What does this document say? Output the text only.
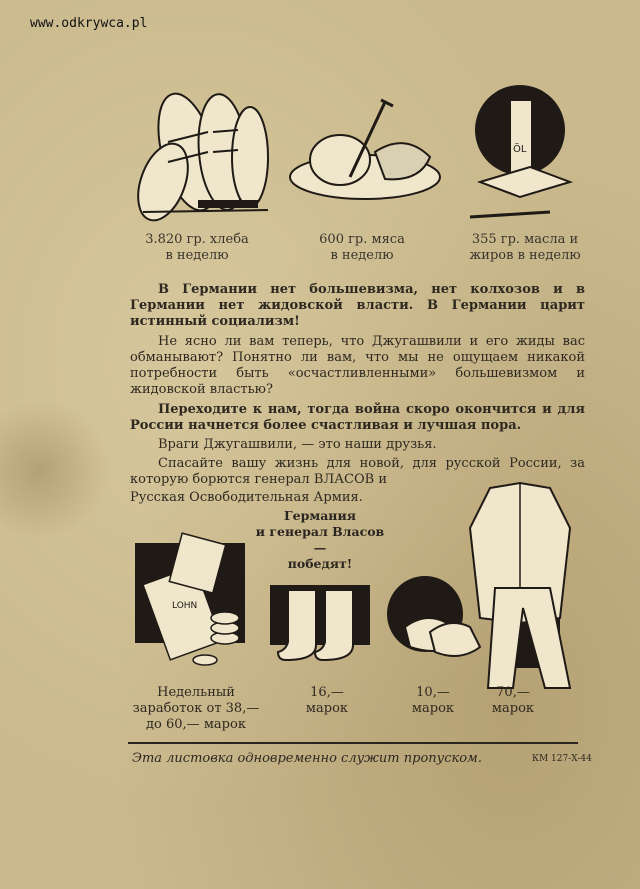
www.odkrywca.pl
ÖL
3.820 гр. хлеба
в неделю
600 гр. мяса
в неделю
355 гр. масла и
жиров в неделю
В Германии нет большевизма, нет колхозов и в Германии нет жидовской власти. В Германии царит истинный социализм!
Не ясно ли вам теперь, что Джугашвили и его жиды вас обманывают? Понятно ли вам, что мы не ощущаем никакой потребности быть «осчастливленными» большевизмом и жидовской властью?
Переходите к нам, тогда война скоро окончится и для России начнется более счастливая и лучшая пора.
Враги Джугашвили, — это наши друзья.
Спасайте вашу жизнь для новой, для русской России, за которую борются генерал ВЛАСОВ и
Русская Освободительная Армия.
Германия
и генерал Власов —
победят!
LOHN
Недельный
заработок от 38,—
до 60,— марок
16,—
марок
10,—
марок
70,—
марок
Эта листовка одновременно служит пропуском.	КМ 127-X-44
